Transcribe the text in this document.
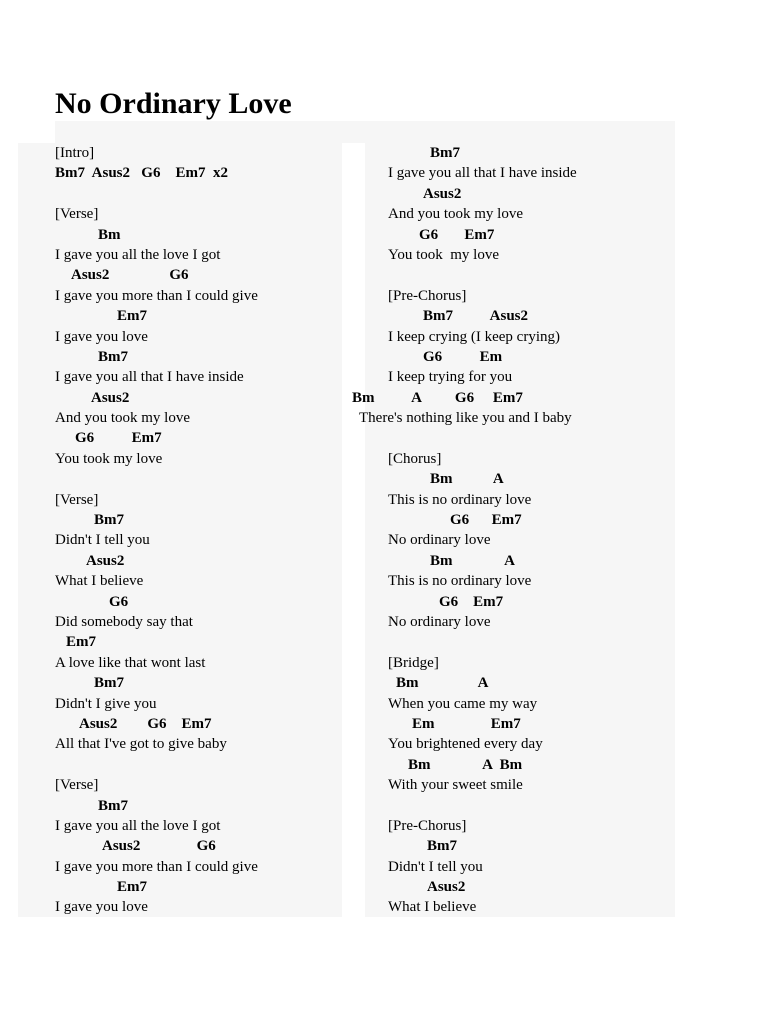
No Ordinary Love
[Intro]
Bm7  Asus2   G6    Em7  x2
[Verse]
Bm
I gave you all the love I got
Asus2                G6
I gave you more than I could give
Em7
I gave you love
Bm7
I gave you all that I have inside
Asus2
And you took my love
G6          Em7
You took my love
[Verse]
Bm7
Didn't I tell you
Asus2
What I believe
G6
Did somebody say that
Em7
A love like that wont last
Bm7
Didn't I give you
Asus2        G6    Em7
All that I've got to give baby
[Verse]
Bm7
I gave you all the love I got
Asus2               G6
I gave you more than I could give
Em7
I gave you love
Bm7
I gave you all that I have inside
Asus2
And you took my love
G6       Em7
You took  my love
[Pre-Chorus]
Bm7          Asus2
I keep crying (I keep crying)
G6          Em
I keep trying for you
Bm          A         G6     Em7
There's nothing like you and I baby
[Chorus]
Bm           A
This is no ordinary love
G6      Em7
No ordinary love
Bm              A
This is no ordinary love
G6    Em7
No ordinary love
[Bridge]
Bm                A
When you came my way
Em               Em7
You brightened every day
Bm              A  Bm
With your sweet smile
[Pre-Chorus]
Bm7
Didn't I tell you
Asus2
What I believe
